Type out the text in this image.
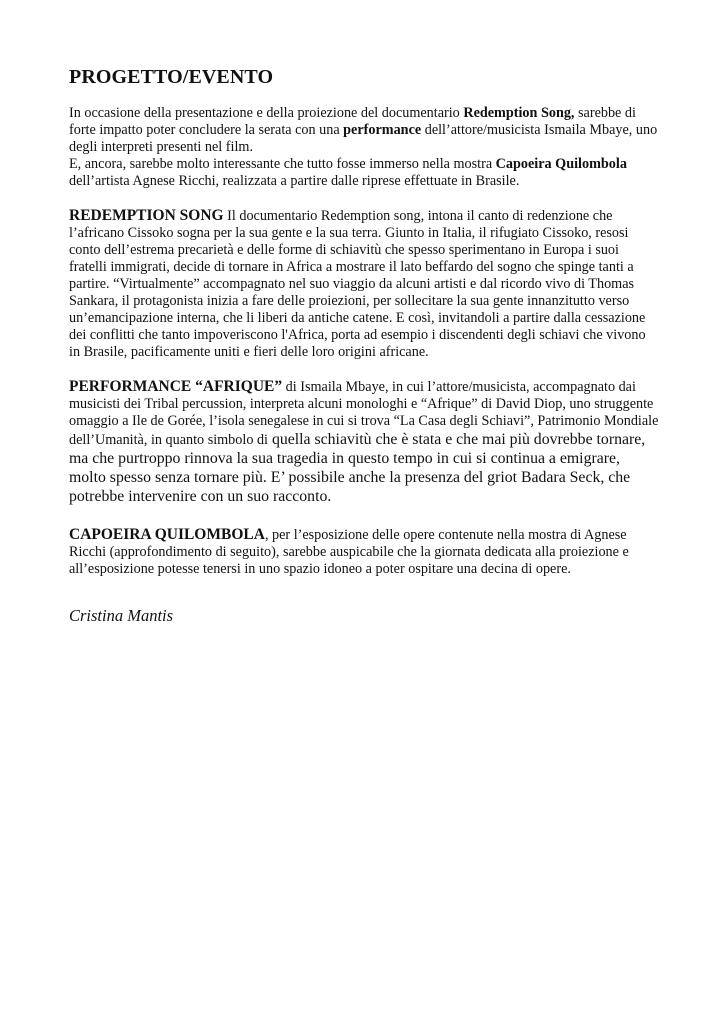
PROGETTO/EVENTO

In occasione della presentazione e della proiezione del documentario Redemption Song, sarebbe di forte impatto poter concludere la serata con una performance dell’attore/musicista Ismaila Mbaye, uno degli interpreti presenti nel film.
E, ancora, sarebbe molto interessante che tutto fosse immerso nella mostra Capoeira Quilombola dell’artista Agnese Ricchi, realizzata a partire dalle riprese effettuate in Brasile.

REDEMPTION SONG Il documentario Redemption song, intona il canto di redenzione che l’africano Cissoko sogna per la sua gente e la sua terra. Giunto in Italia, il rifugiato Cissoko, resosi conto dell’estrema precarietà e delle forme di schiavitù che spesso sperimentano in Europa i suoi fratelli immigrati, decide di tornare in Africa a mostrare il lato beffardo del sogno che spinge tanti a partire. “Virtualmente” accompagnato nel suo viaggio da alcuni artisti e dal ricordo vivo di Thomas Sankara, il protagonista inizia a fare delle proiezioni, per sollecitare la sua gente innanzitutto verso un’emancipazione interna, che li liberi da antiche catene. E così, invitandoli a partire dalla cessazione dei conflitti che tanto impoveriscono l'Africa, porta ad esempio i discendenti degli schiavi che vivono in Brasile, pacificamente uniti e fieri delle loro origini africane.

PERFORMANCE “AFRIQUE” di Ismaila Mbaye, in cui l’attore/musicista, accompagnato dai musicisti dei Tribal percussion, interpreta alcuni monologhi e “Afrique” di David Diop, uno struggente omaggio a Ile de Gorée, l’isola senegalese in cui si trova “La Casa degli Schiavi”, Patrimonio Mondiale dell’Umanità, in quanto simbolo di quella schiavitù che è stata e che mai più dovrebbe tornare, ma che purtroppo rinnova la sua tragedia in questo tempo in cui si continua a emigrare, molto spesso senza tornare più. E’ possibile anche la presenza del griot Badara Seck, che potrebbe intervenire con un suo racconto.

CAPOEIRA QUILOMBOLA, per l’esposizione delle opere contenute nella mostra di Agnese Ricchi (approfondimento di seguito), sarebbe auspicabile che la giornata dedicata alla proiezione e all’esposizione potesse tenersi in uno spazio idoneo a poter ospitare una decina di opere.

Cristina Mantis
